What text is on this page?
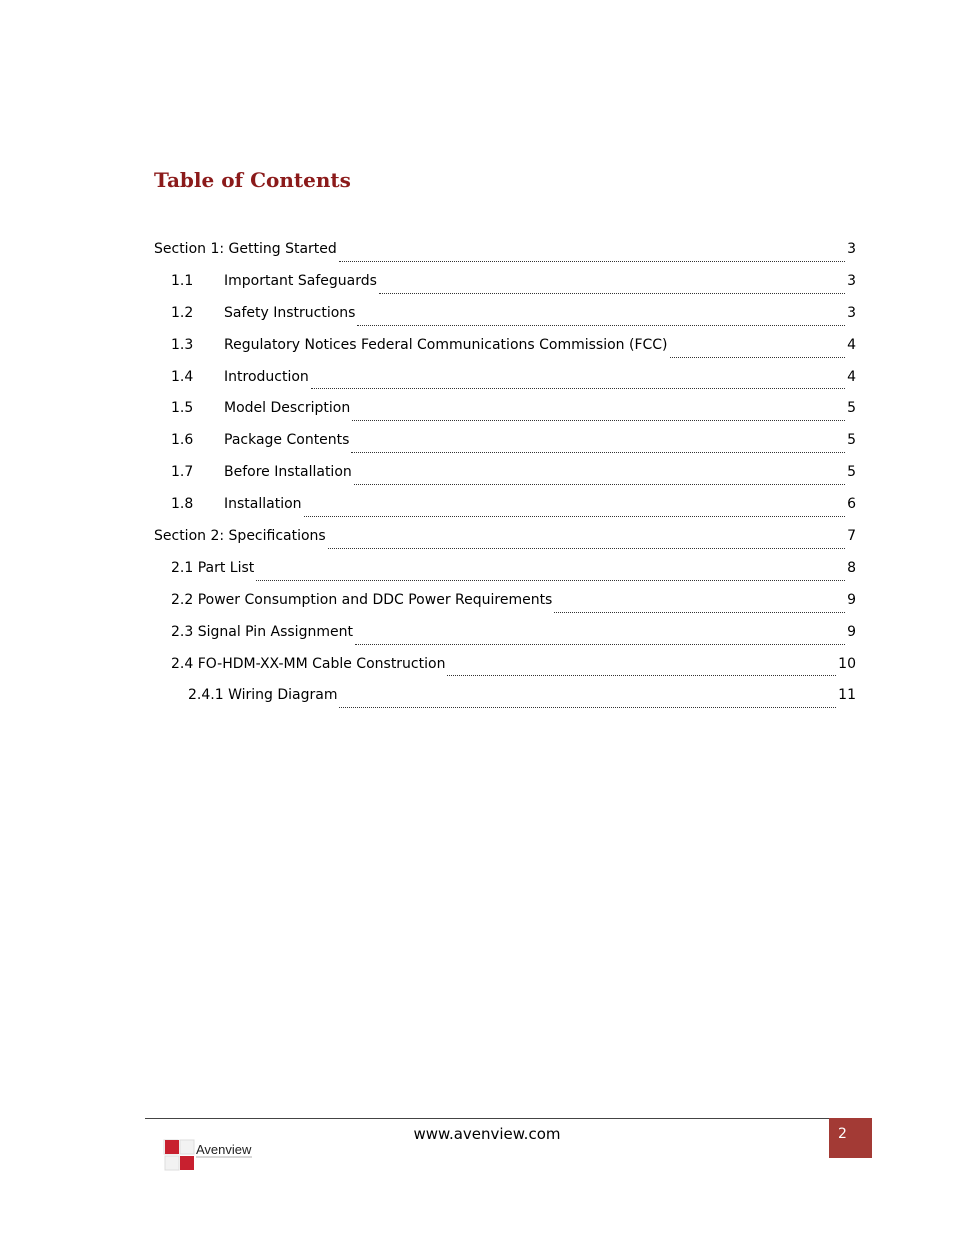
Table of Contents
Section 1: Getting Started	3
1.1	Important Safeguards	3
1.2	Safety Instructions	3
1.3	Regulatory Notices Federal Communications Commission (FCC)	4
1.4	Introduction	4
1.5	Model Description	5
1.6	Package Contents	5
1.7	Before Installation	5
1.8	Installation	6
Section 2: Specifications	7
2.1 Part List	8
2.2 Power Consumption and DDC Power Requirements	9
2.3 Signal Pin Assignment	9
2.4 FO-HDM-XX-MM Cable Construction	10
2.4.1 Wiring Diagram	11
www.avenview.com	2
Avenview
